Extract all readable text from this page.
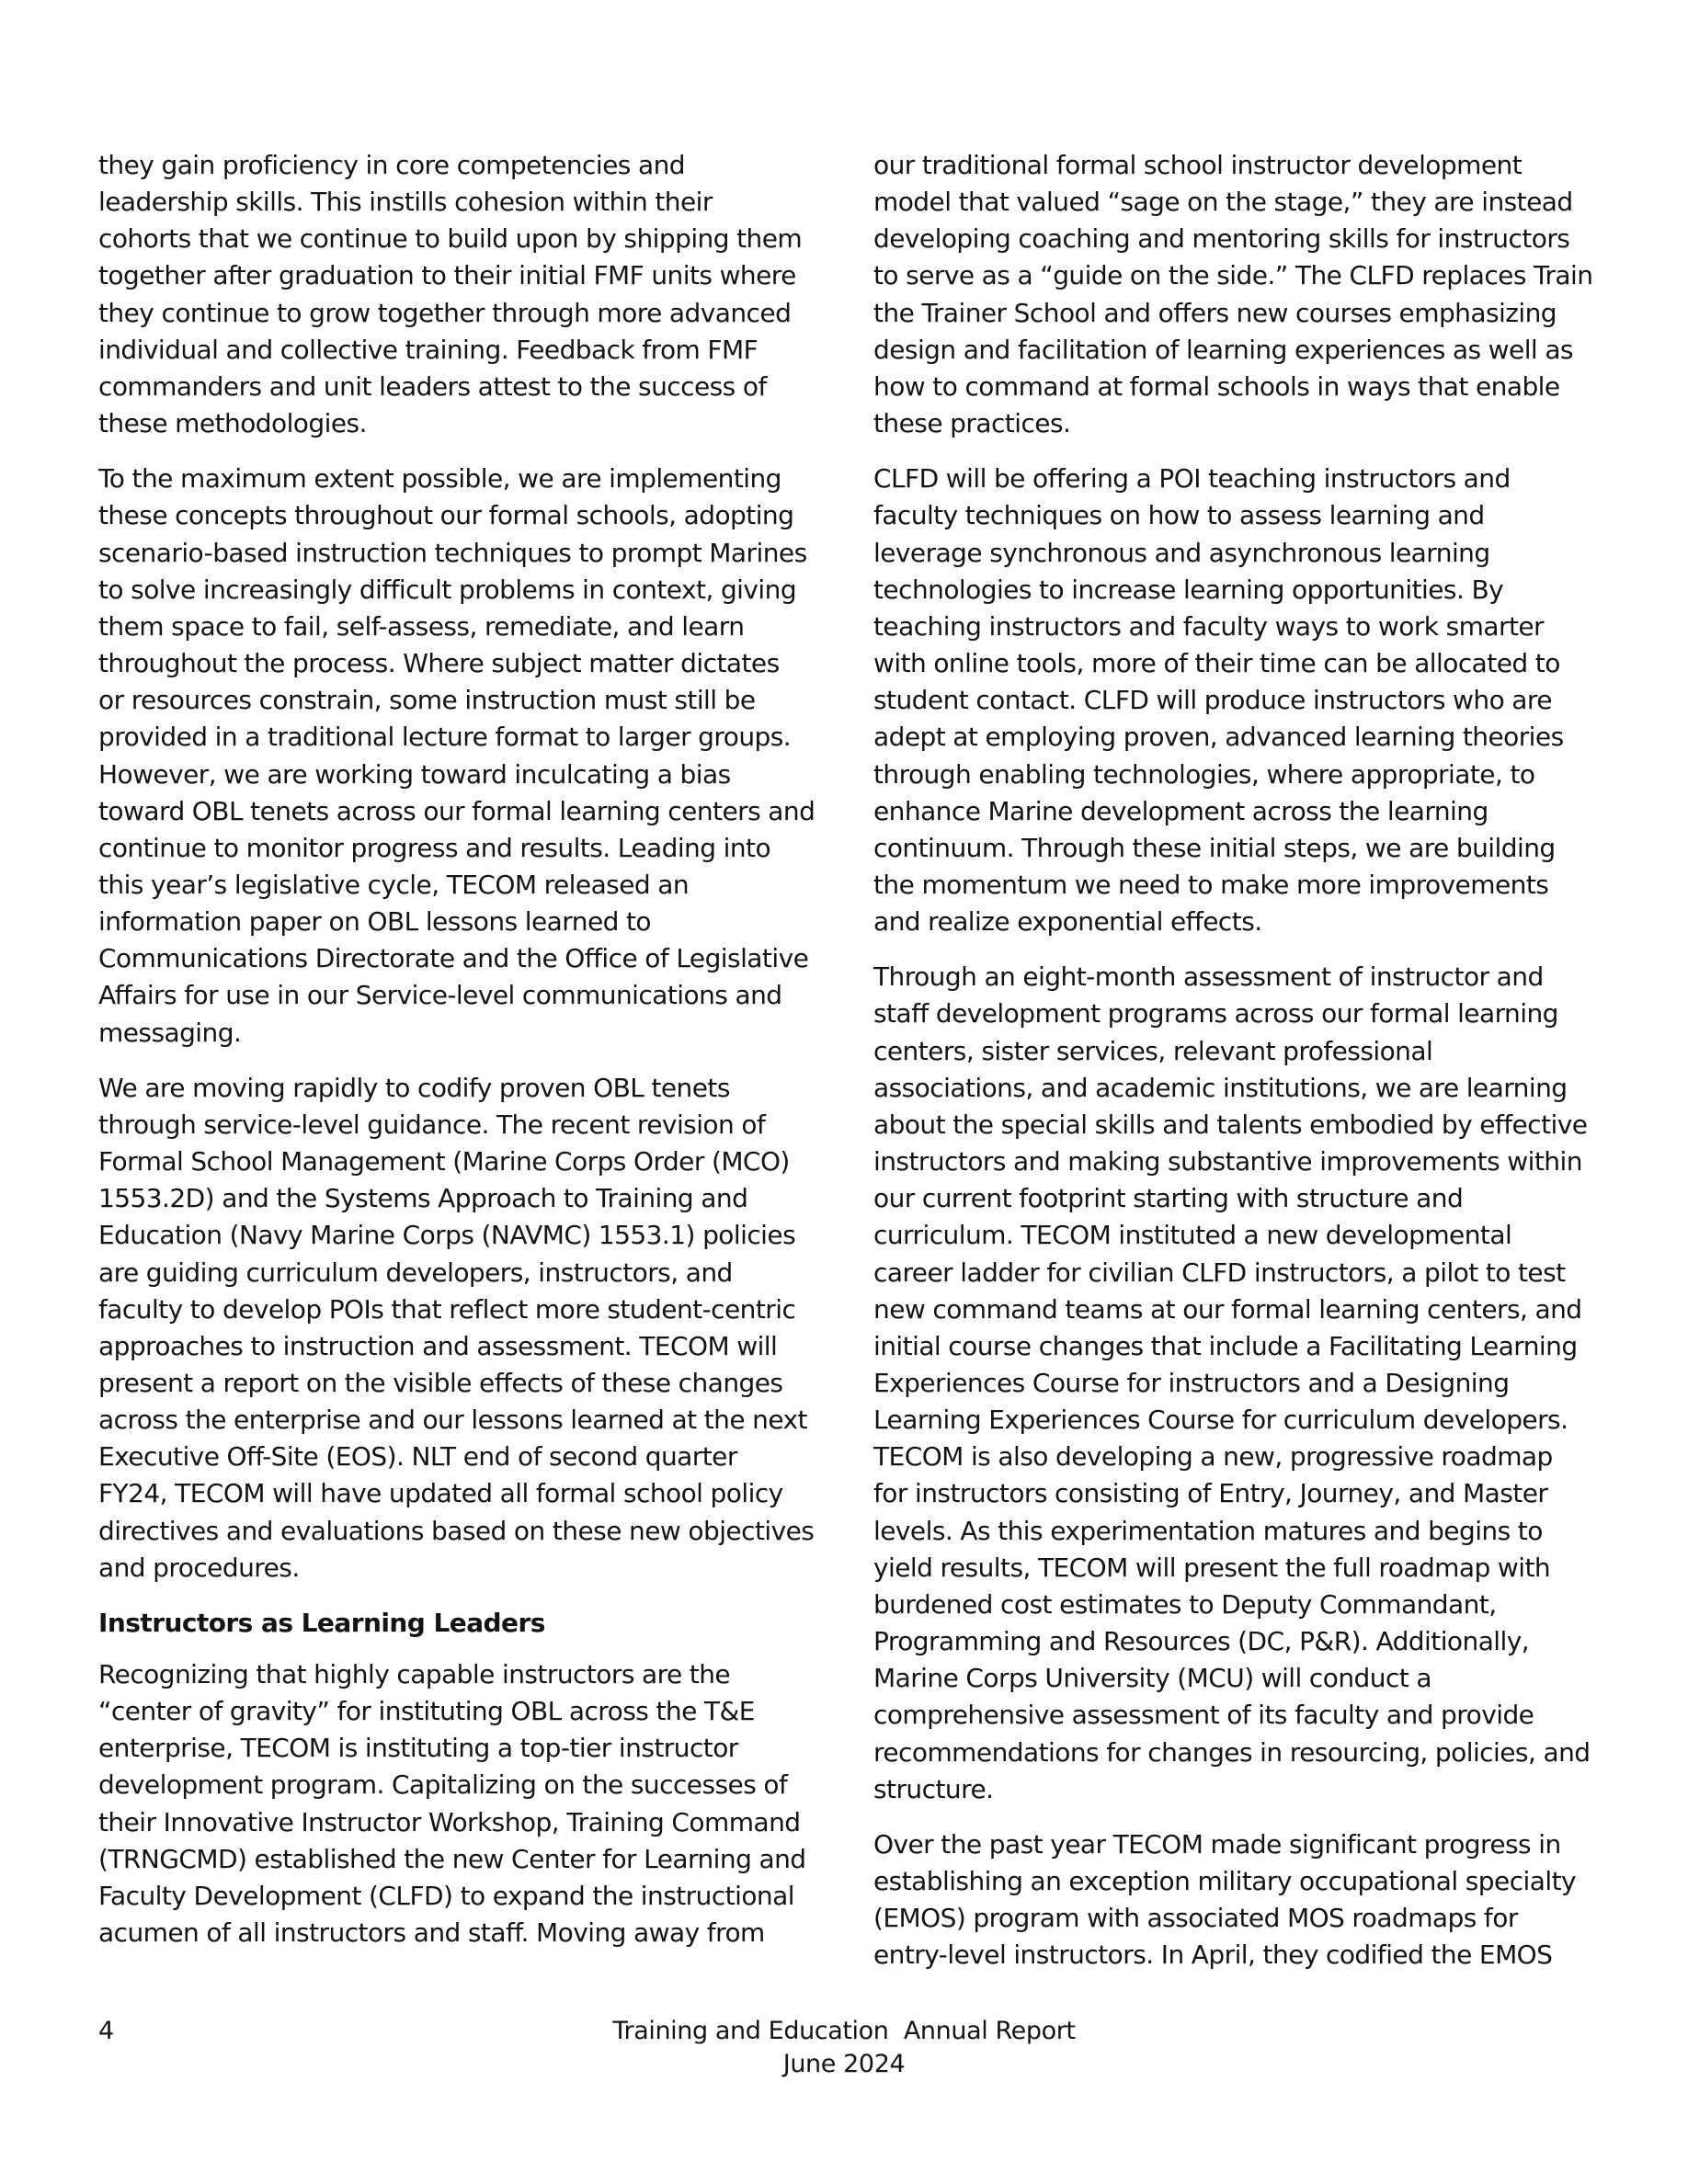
they gain proficiency in core competencies and
leadership skills. This instills cohesion within their
cohorts that we continue to build upon by shipping them
together after graduation to their initial FMF units where
they continue to grow together through more advanced
individual and collective training. Feedback from FMF
commanders and unit leaders attest to the success of
these methodologies.

To the maximum extent possible, we are implementing
these concepts throughout our formal schools, adopting
scenario-based instruction techniques to prompt Marines
to solve increasingly difficult problems in context, giving
them space to fail, self-assess, remediate, and learn
throughout the process. Where subject matter dictates
or resources constrain, some instruction must still be
provided in a traditional lecture format to larger groups.
However, we are working toward inculcating a bias
toward OBL tenets across our formal learning centers and
continue to monitor progress and results. Leading into
this year’s legislative cycle, TECOM released an
information paper on OBL lessons learned to
Communications Directorate and the Office of Legislative
Affairs for use in our Service-level communications and
messaging.

We are moving rapidly to codify proven OBL tenets
through service-level guidance. The recent revision of
Formal School Management (Marine Corps Order (MCO)
1553.2D) and the Systems Approach to Training and
Education (Navy Marine Corps (NAVMC) 1553.1) policies
are guiding curriculum developers, instructors, and
faculty to develop POIs that reflect more student-centric
approaches to instruction and assessment. TECOM will
present a report on the visible effects of these changes
across the enterprise and our lessons learned at the next
Executive Off-Site (EOS). NLT end of second quarter
FY24, TECOM will have updated all formal school policy
directives and evaluations based on these new objectives
and procedures.

Instructors as Learning Leaders

Recognizing that highly capable instructors are the
“center of gravity” for instituting OBL across the T&E
enterprise, TECOM is instituting a top-tier instructor
development program. Capitalizing on the successes of
their Innovative Instructor Workshop, Training Command
(TRNGCMD) established the new Center for Learning and
Faculty Development (CLFD) to expand the instructional
acumen of all instructors and staff. Moving away from

our traditional formal school instructor development
model that valued “sage on the stage,” they are instead
developing coaching and mentoring skills for instructors
to serve as a “guide on the side.” The CLFD replaces Train
the Trainer School and offers new courses emphasizing
design and facilitation of learning experiences as well as
how to command at formal schools in ways that enable
these practices.

CLFD will be offering a POI teaching instructors and
faculty techniques on how to assess learning and
leverage synchronous and asynchronous learning
technologies to increase learning opportunities. By
teaching instructors and faculty ways to work smarter
with online tools, more of their time can be allocated to
student contact. CLFD will produce instructors who are
adept at employing proven, advanced learning theories
through enabling technologies, where appropriate, to
enhance Marine development across the learning
continuum. Through these initial steps, we are building
the momentum we need to make more improvements
and realize exponential effects.

Through an eight-month assessment of instructor and
staff development programs across our formal learning
centers, sister services, relevant professional
associations, and academic institutions, we are learning
about the special skills and talents embodied by effective
instructors and making substantive improvements within
our current footprint starting with structure and
curriculum. TECOM instituted a new developmental
career ladder for civilian CLFD instructors, a pilot to test
new command teams at our formal learning centers, and
initial course changes that include a Facilitating Learning
Experiences Course for instructors and a Designing
Learning Experiences Course for curriculum developers.
TECOM is also developing a new, progressive roadmap
for instructors consisting of Entry, Journey, and Master
levels. As this experimentation matures and begins to
yield results, TECOM will present the full roadmap with
burdened cost estimates to Deputy Commandant,
Programming and Resources (DC, P&R). Additionally,
Marine Corps University (MCU) will conduct a
comprehensive assessment of its faculty and provide
recommendations for changes in resourcing, policies, and
structure.

Over the past year TECOM made significant progress in
establishing an exception military occupational specialty
(EMOS) program with associated MOS roadmaps for
entry-level instructors. In April, they codified the EMOS

4	Training and Education  Annual Report
June 2024
